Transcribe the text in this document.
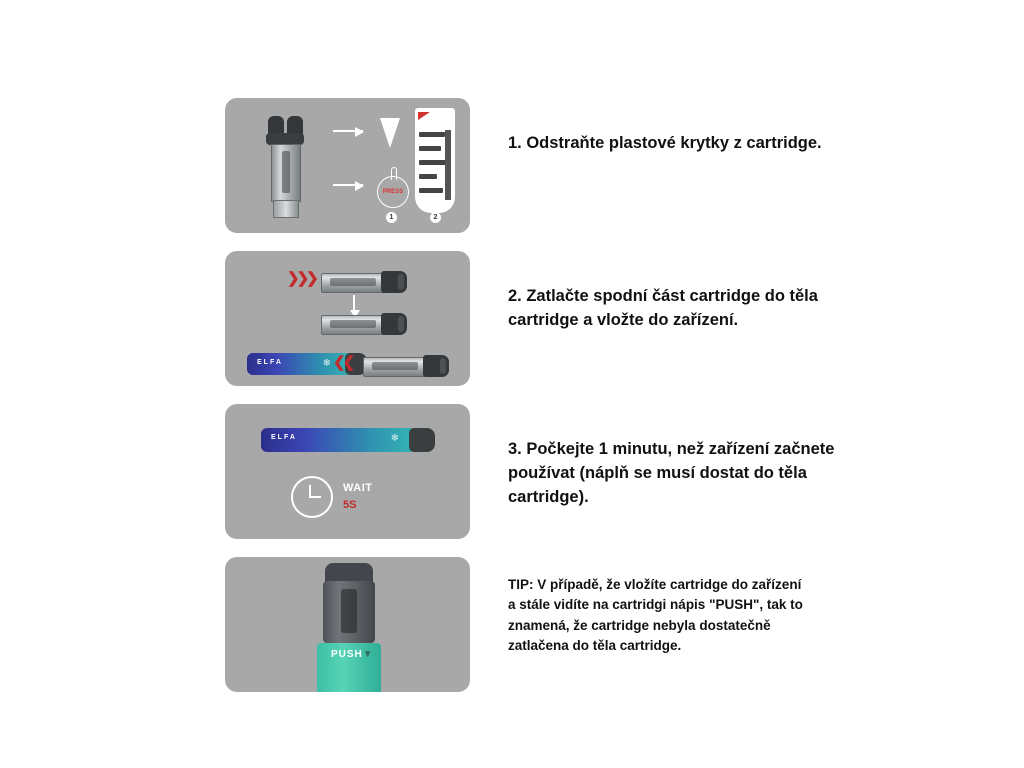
PRESS
1	2
1. Odstraňte plastové krytky z cartridge.
❯❯❯
ELFA	❄ ❮❮
2. Zatlačte spodní část cartridge do těla cartridge a vložte do zařízení.
ELFA	❄
WAIT
5S
3. Počkejte 1 minutu, než zařízení začnete používat (náplň se musí dostat do těla cartridge).
PUSH▼
TIP: V případě, že vložíte cartridge do zařízení a stále vidíte na cartridgi nápis "PUSH", tak to znamená, že cartridge nebyla dostatečně zatlačena do těla cartridge.
